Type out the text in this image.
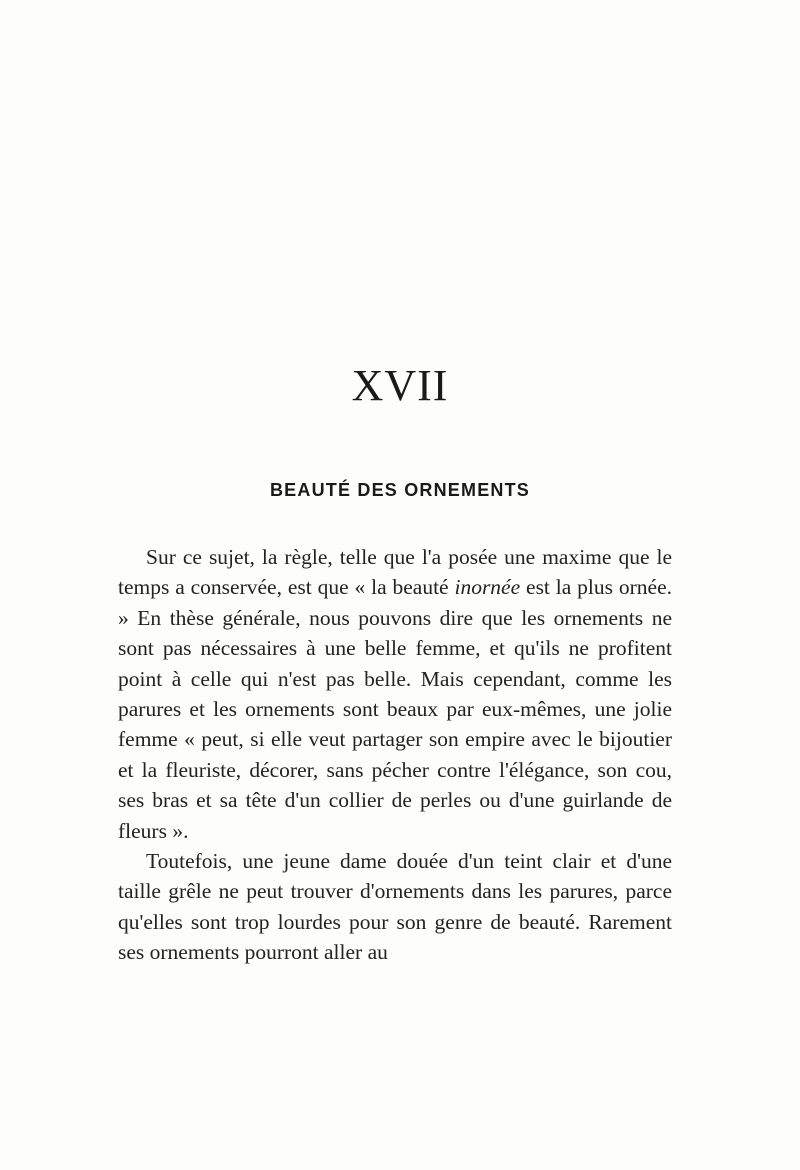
XVII
BEAUTÉ DES ORNEMENTS

Sur ce sujet, la règle, telle que l'a posée une maxime que le temps a conservée, est que « la beauté inornée est la plus ornée. » En thèse générale, nous pouvons dire que les ornements ne sont pas nécessaires à une belle femme, et qu'ils ne profitent point à celle qui n'est pas belle. Mais cependant, comme les parures et les ornements sont beaux par eux-mêmes, une jolie femme « peut, si elle veut partager son empire avec le bijoutier et la fleuriste, décorer, sans pécher contre l'élégance, son cou, ses bras et sa tête d'un collier de perles ou d'une guirlande de fleurs ».

Toutefois, une jeune dame douée d'un teint clair et d'une taille grêle ne peut trouver d'ornements dans les parures, parce qu'elles sont trop lourdes pour son genre de beauté. Rarement ses ornements pourront aller au
